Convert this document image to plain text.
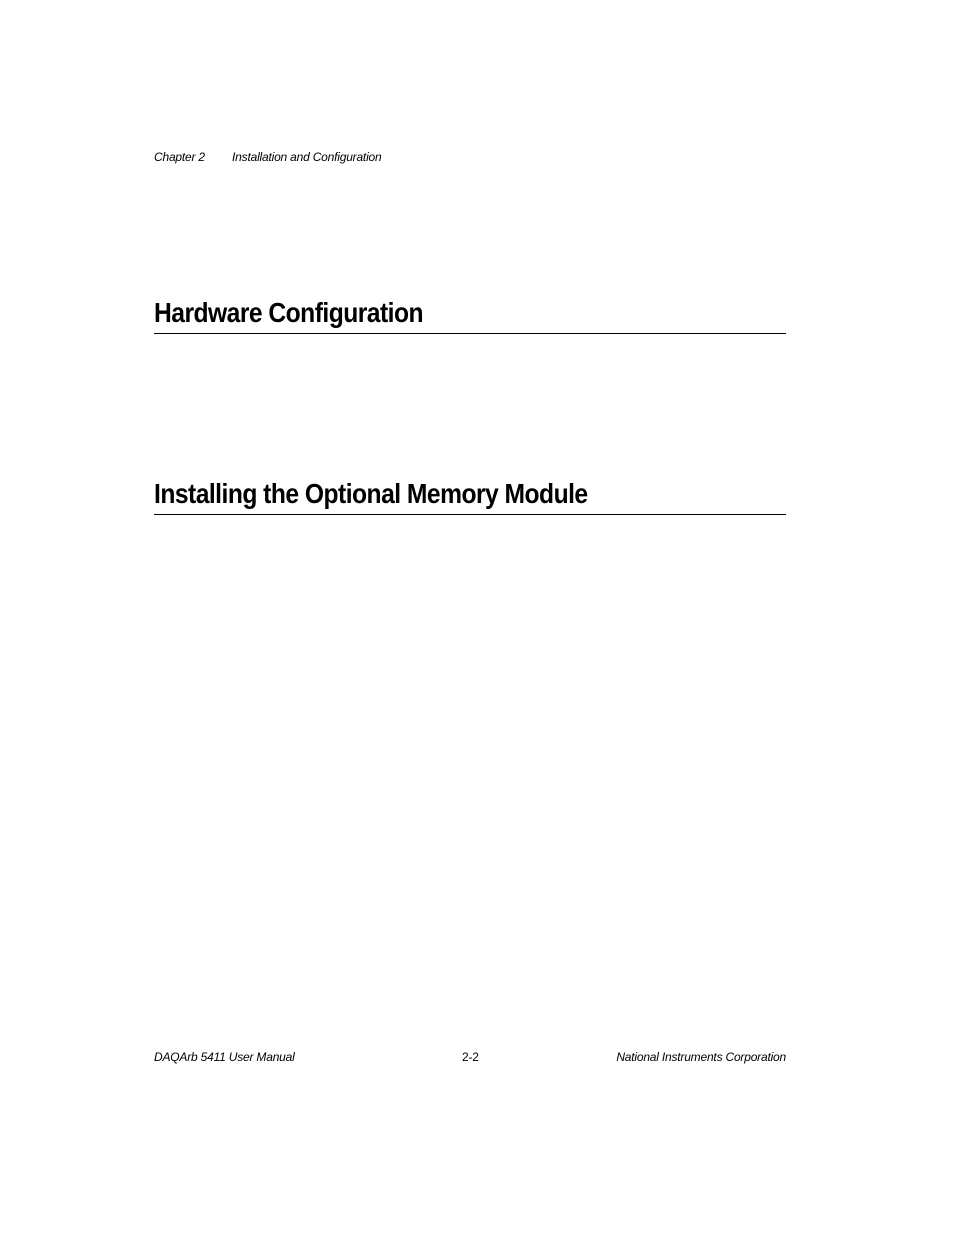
Chapter 2 Installation and Configuration
Hardware Configuration
Installing the Optional Memory Module
DAQArb 5411 User Manual	2-2	National Instruments Corporation
